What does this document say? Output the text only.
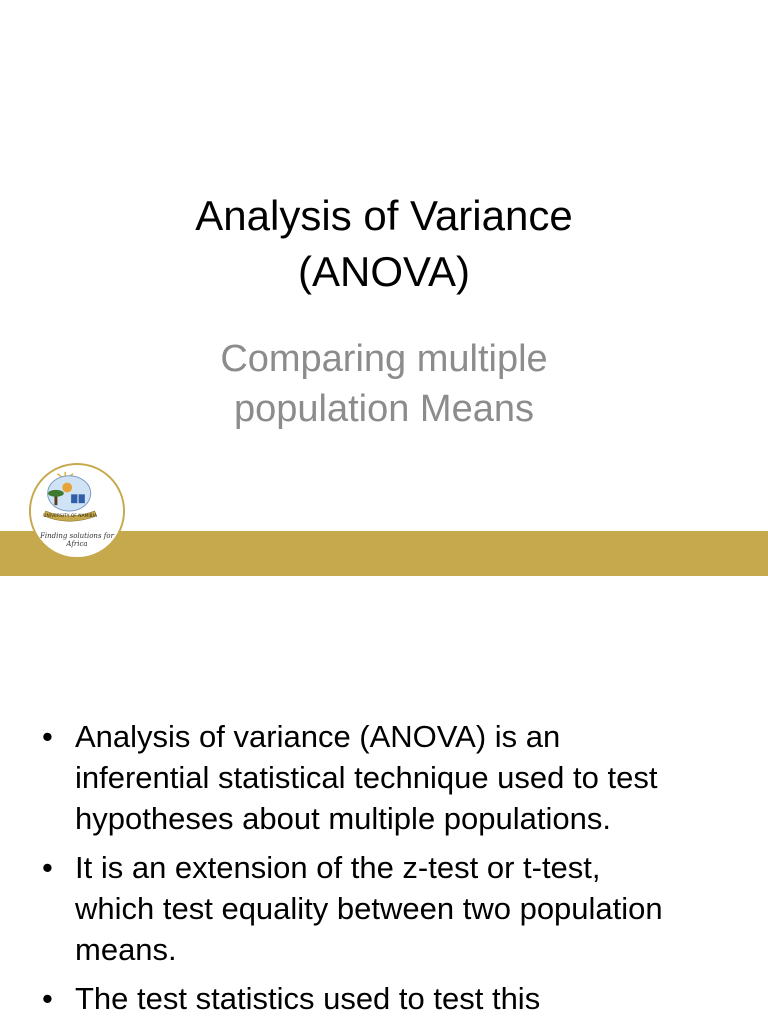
Analysis of Variance
(ANOVA)
Comparing multiple
population Means
UNIVERSITY OF NAMIBIA
Finding solutions for Africa
• Analysis of variance (ANOVA) is an
inferential statistical technique used to test
hypotheses about multiple populations.
• It is an extension of the z-test or t-test,
which test equality between two population
means.
• The test statistics used to test this
